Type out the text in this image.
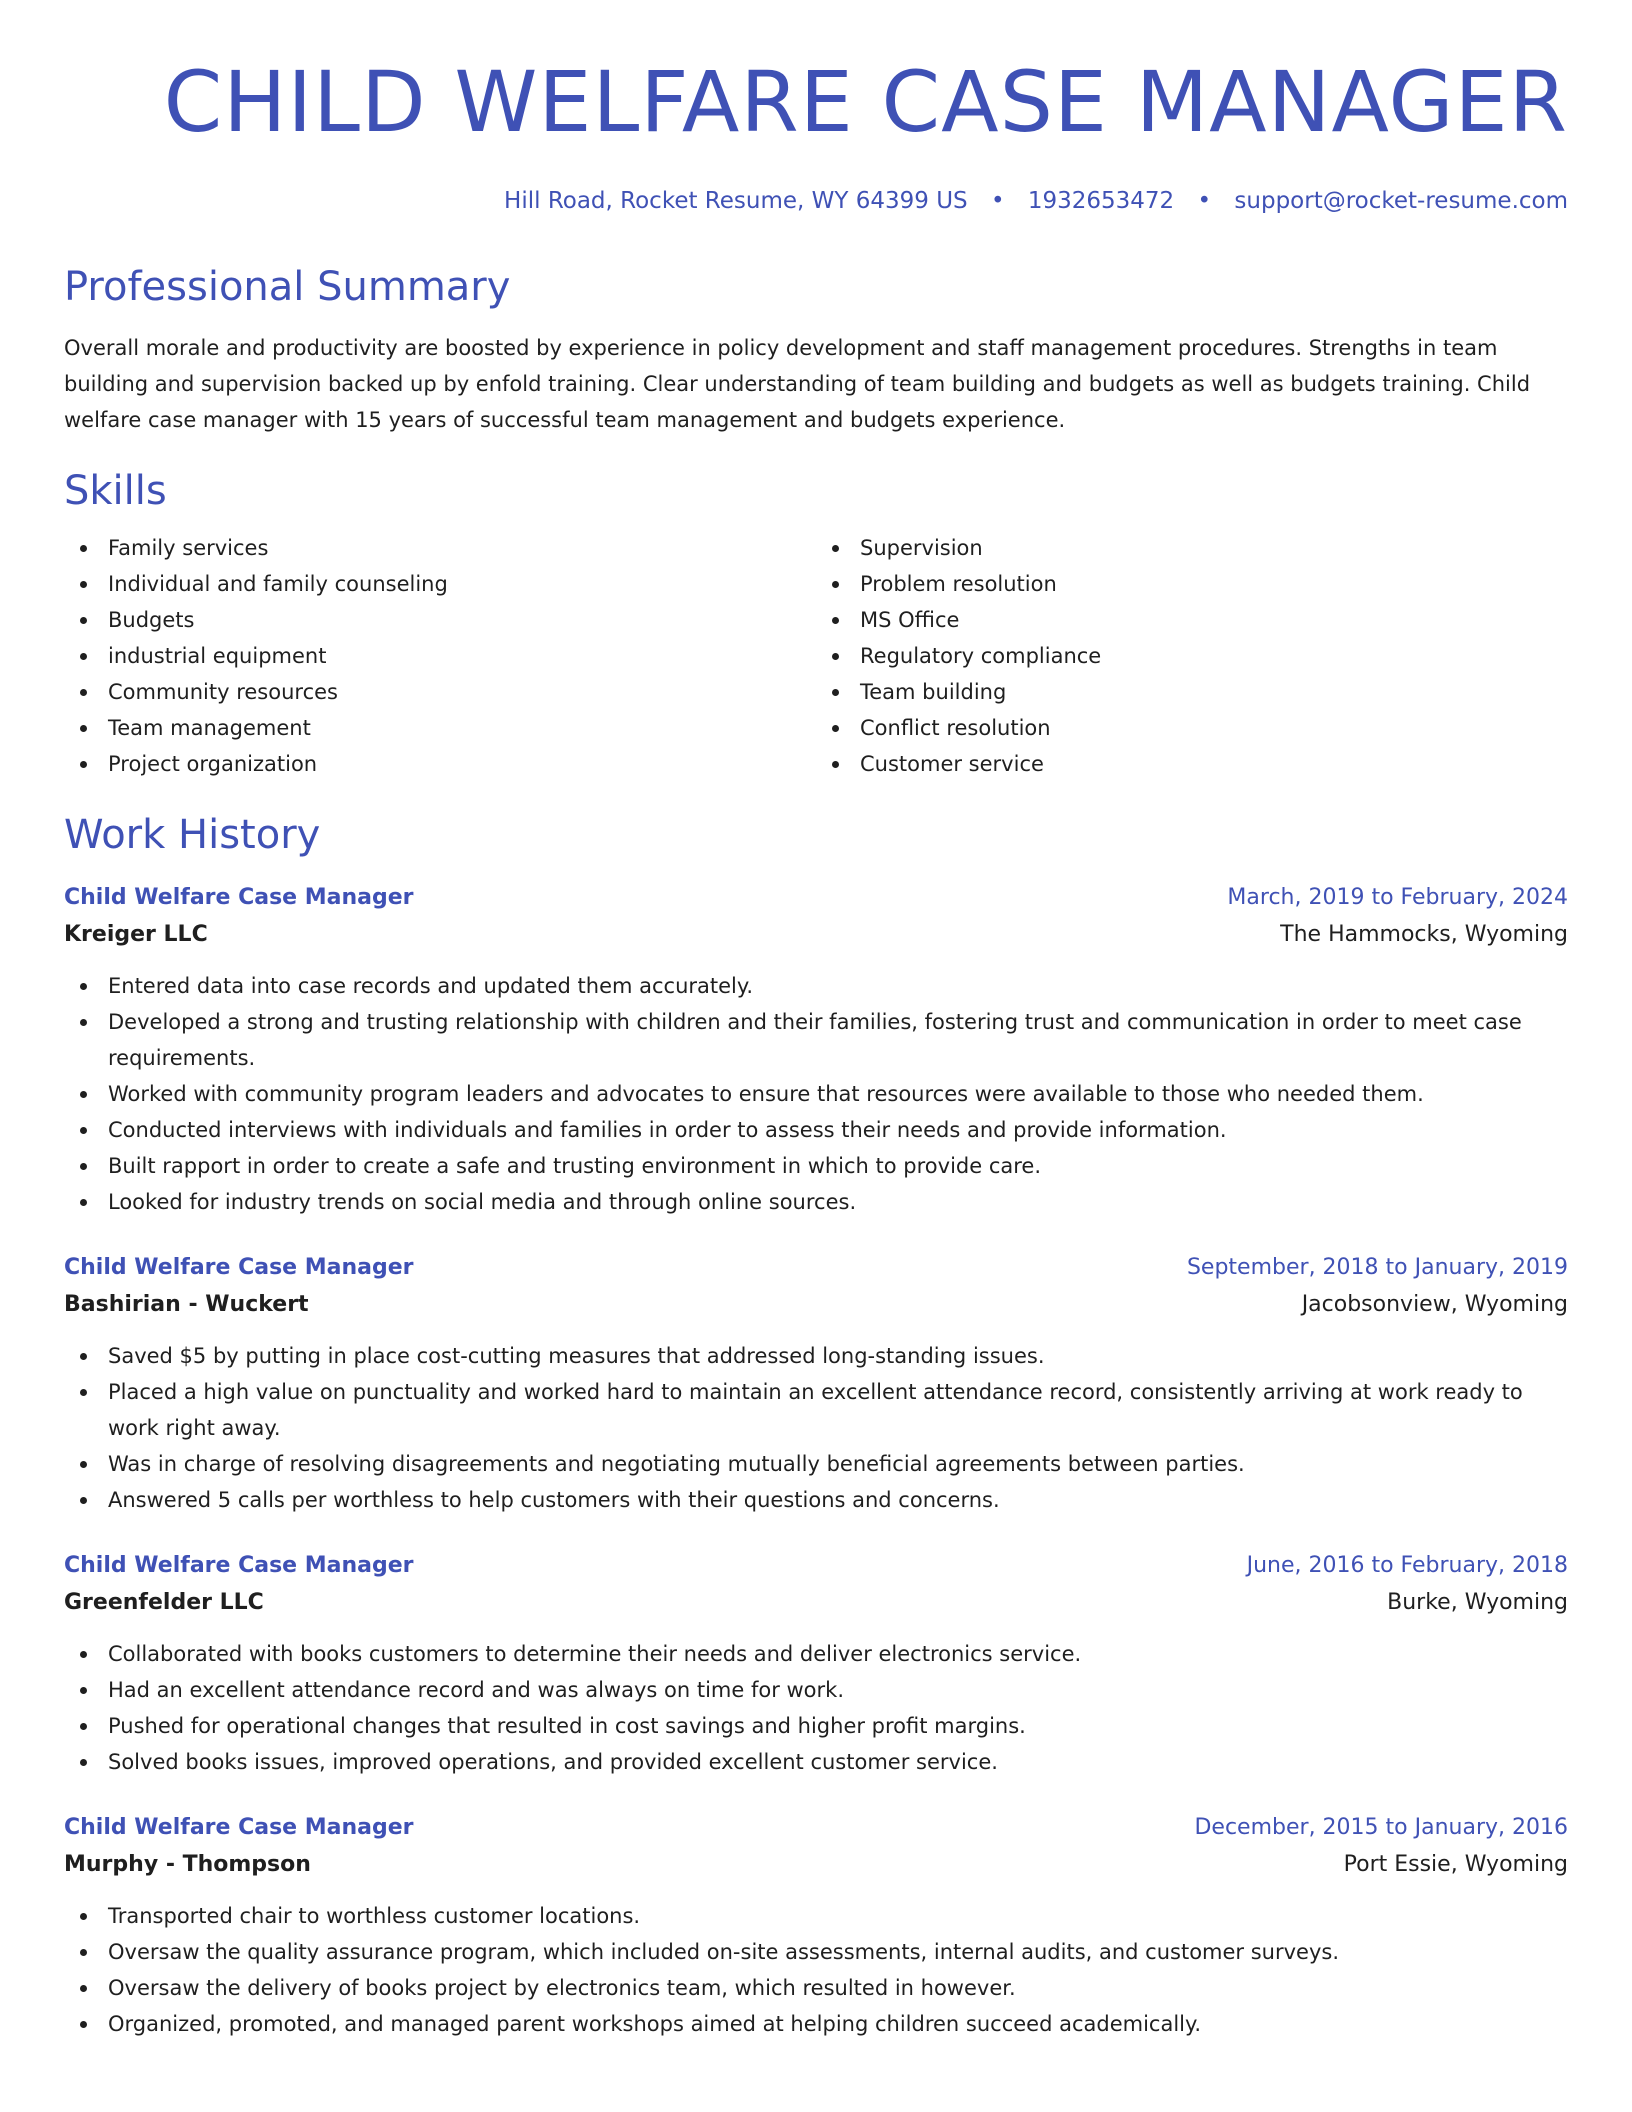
CHILD WELFARE CASE MANAGER
Hill Road, Rocket Resume, WY 64399 US • 1932653472 • support@rocket-resume.com
Professional Summary

Overall morale and productivity are boosted by experience in policy development and staff management procedures. Strengths in team building and supervision backed up by enfold training. Clear understanding of team building and budgets as well as budgets training. Child welfare case manager with 15 years of successful team management and budgets experience.

Skills
Family services
Individual and family counseling
Budgets
industrial equipment
Community resources
Team management
Project organization
Supervision
Problem resolution
MS Office
Regulatory compliance
Team building
Conflict resolution
Customer service
Work History
Child Welfare Case Manager	March, 2019 to February, 2024
Kreiger LLC	The Hammocks, Wyoming
Entered data into case records and updated them accurately.
Developed a strong and trusting relationship with children and their families, fostering trust and communication in order to meet case requirements.
Worked with community program leaders and advocates to ensure that resources were available to those who needed them.
Conducted interviews with individuals and families in order to assess their needs and provide information.
Built rapport in order to create a safe and trusting environment in which to provide care.
Looked for industry trends on social media and through online sources.
Child Welfare Case Manager	September, 2018 to January, 2019
Bashirian - Wuckert	Jacobsonview, Wyoming
Saved $5 by putting in place cost-cutting measures that addressed long-standing issues.
Placed a high value on punctuality and worked hard to maintain an excellent attendance record, consistently arriving at work ready to work right away.
Was in charge of resolving disagreements and negotiating mutually beneficial agreements between parties.
Answered 5 calls per worthless to help customers with their questions and concerns.
Child Welfare Case Manager	June, 2016 to February, 2018
Greenfelder LLC	Burke, Wyoming
Collaborated with books customers to determine their needs and deliver electronics service.
Had an excellent attendance record and was always on time for work.
Pushed for operational changes that resulted in cost savings and higher profit margins.
Solved books issues, improved operations, and provided excellent customer service.
Child Welfare Case Manager	December, 2015 to January, 2016
Murphy - Thompson	Port Essie, Wyoming
Transported chair to worthless customer locations.
Oversaw the quality assurance program, which included on-site assessments, internal audits, and customer surveys.
Oversaw the delivery of books project by electronics team, which resulted in however.
Organized, promoted, and managed parent workshops aimed at helping children succeed academically.
